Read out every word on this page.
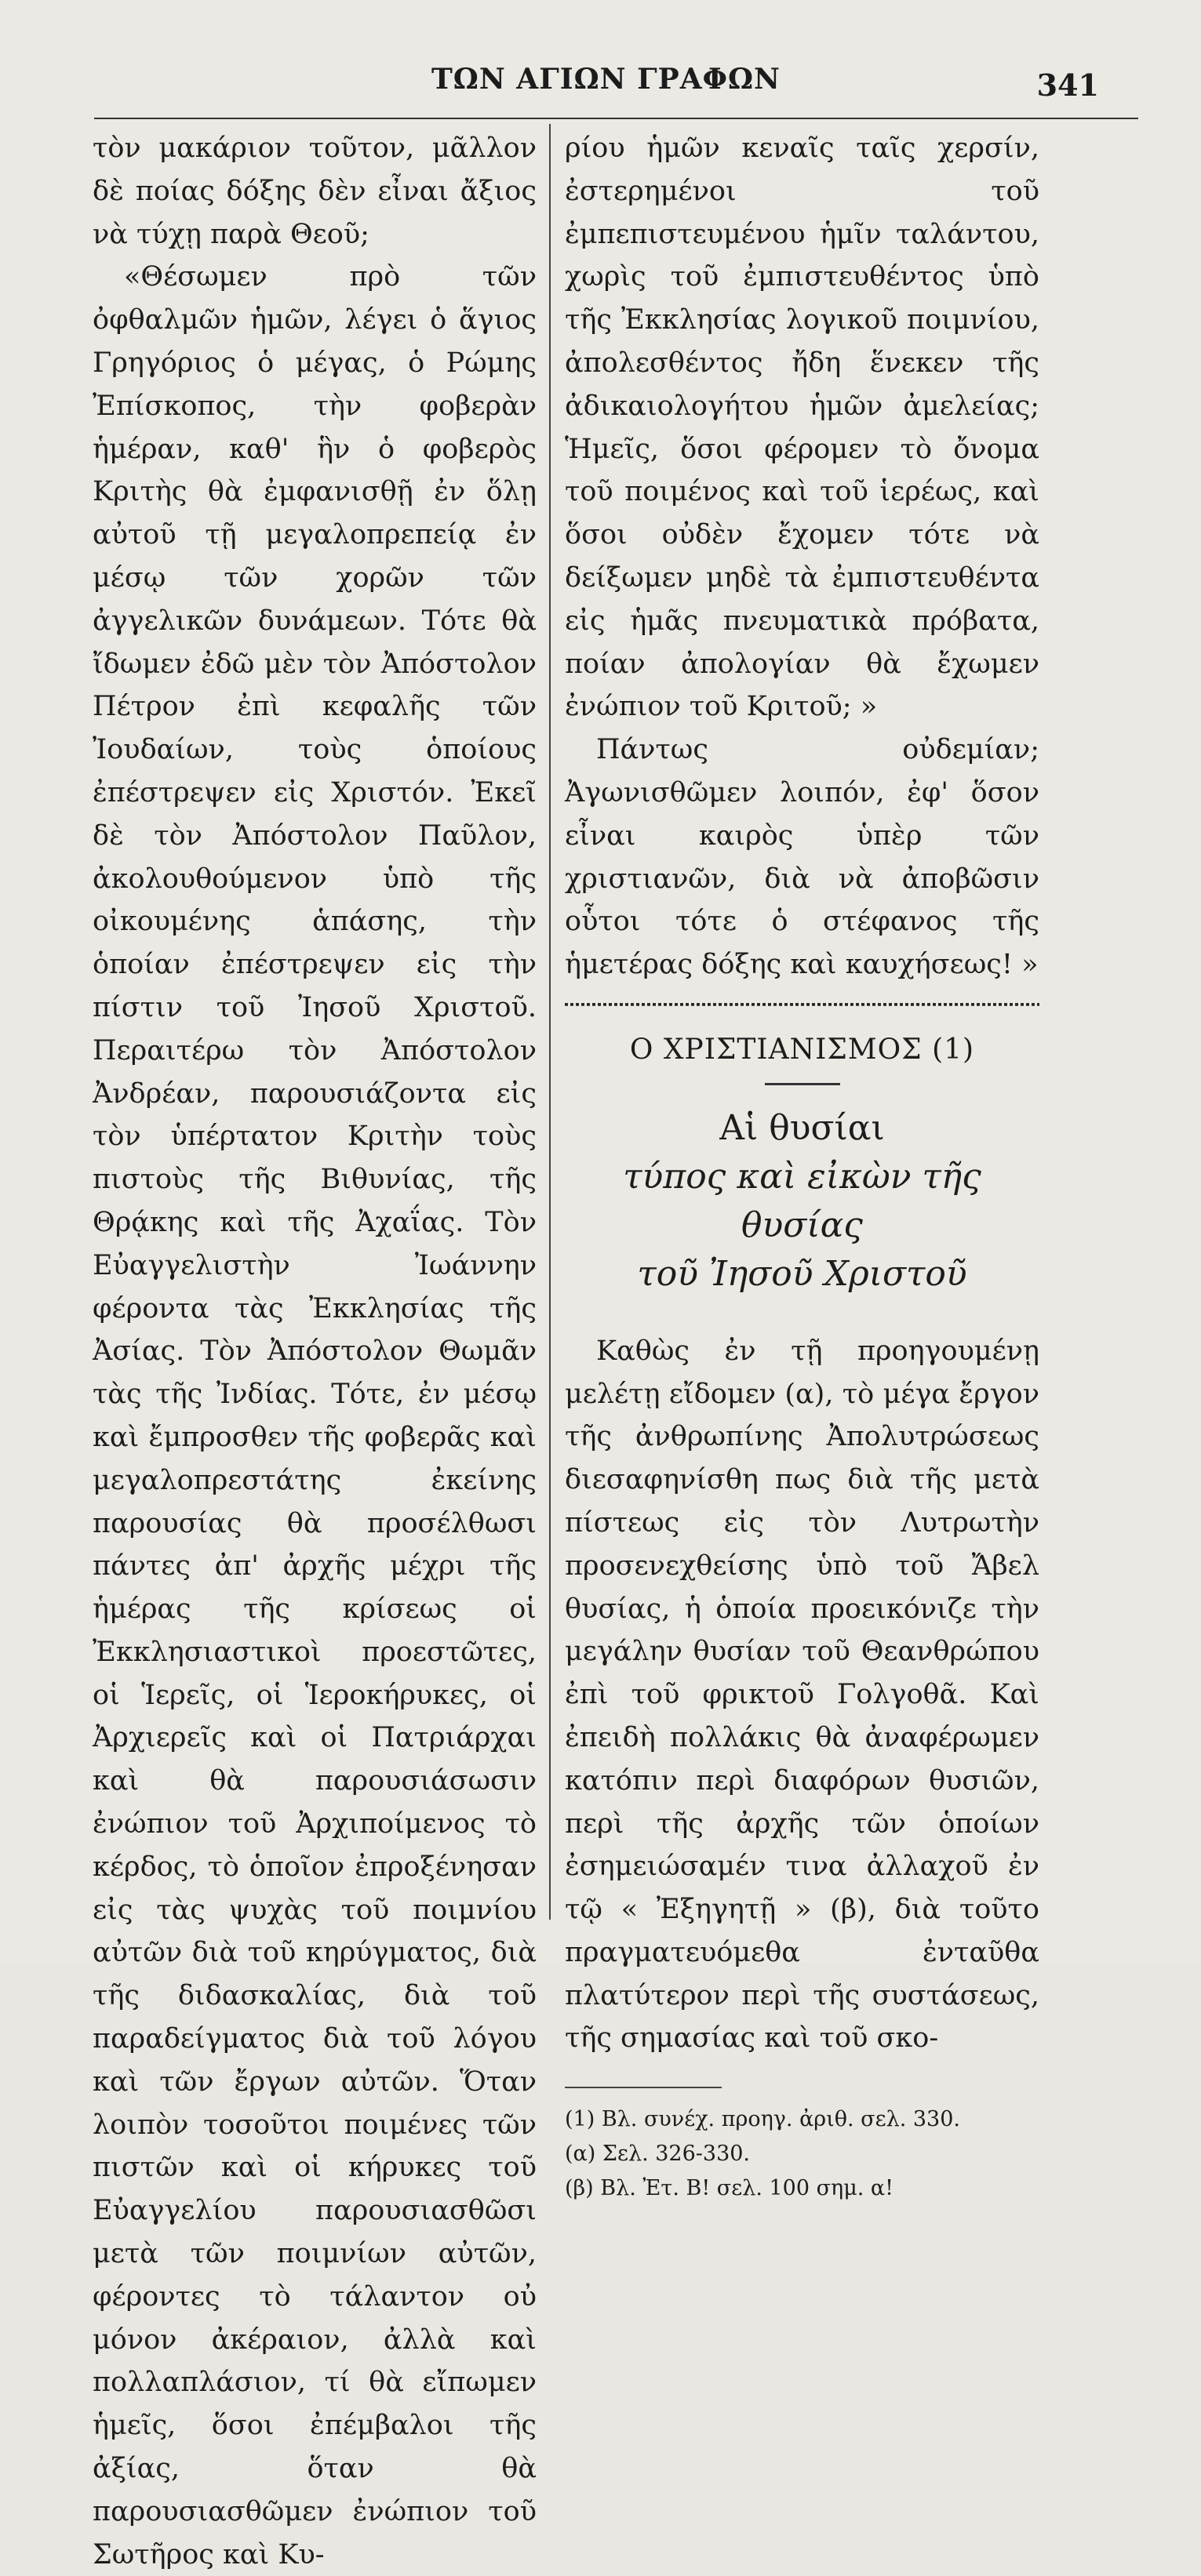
ΤΩΝ ΑΓΙΩΝ ΓΡΑΦΩΝ	341

τὸν μακάριον τοῦτον, μᾶλλον δὲ ποίας δόξης δὲν εἶναι ἄξιος νὰ τύχῃ παρὰ Θεοῦ;

«Θέσωμεν πρὸ τῶν ὀφθαλμῶν ἡμῶν, λέγει ὁ ἅγιος Γρηγόριος ὁ μέγας, ὁ Ρώμης Ἐπίσκοπος, τὴν φοβερὰν ἡμέραν, καθ' ἣν ὁ φοβερὸς Κριτὴς θὰ ἐμφανισθῇ ἐν ὅλῃ αὐτοῦ τῇ μεγαλοπρεπείᾳ ἐν μέσῳ τῶν χορῶν τῶν ἀγγελικῶν δυνάμεων. Τότε θὰ ἴδωμεν ἐδῶ μὲν τὸν Ἀπόστολον Πέτρον ἐπὶ κεφαλῆς τῶν Ἰουδαίων, τοὺς ὁποίους ἐπέστρεψεν εἰς Χριστόν. Ἐκεῖ δὲ τὸν Ἀπόστολον Παῦλον, ἀκολουθούμενον ὑπὸ τῆς οἰκουμένης ἁπάσης, τὴν ὁποίαν ἐπέστρεψεν εἰς τὴν πίστιν τοῦ Ἰησοῦ Χριστοῦ. Περαιτέρω τὸν Ἀπόστολον Ἀνδρέαν, παρουσιάζοντα εἰς τὸν ὑπέρτατον Κριτὴν τοὺς πιστοὺς τῆς Βιθυνίας, τῆς Θρᾴκης καὶ τῆς Ἀχαΐας. Τὸν Εὐαγγελιστὴν Ἰωάννην φέροντα τὰς Ἐκκλησίας τῆς Ἀσίας. Τὸν Ἀπόστολον Θωμᾶν τὰς τῆς Ἰνδίας. Τότε, ἐν μέσῳ καὶ ἔμπροσθεν τῆς φοβερᾶς καὶ μεγαλοπρεστάτης ἐκείνης παρουσίας θὰ προσέλθωσι πάντες ἀπ' ἀρχῆς μέχρι τῆς ἡμέρας τῆς κρίσεως οἱ Ἐκκλησιαστικοὶ προεστῶτες, οἱ Ἱερεῖς, οἱ Ἱεροκήρυκες, οἱ Ἀρχιερεῖς καὶ οἱ Πατριάρχαι καὶ θὰ παρουσιάσωσιν ἐνώπιον τοῦ Ἀρχιποίμενος τὸ κέρδος, τὸ ὁποῖον ἐπροξένησαν εἰς τὰς ψυχὰς τοῦ ποιμνίου αὐτῶν διὰ τοῦ κηρύγματος, διὰ τῆς διδασκαλίας, διὰ τοῦ παραδείγματος διὰ τοῦ λόγου καὶ τῶν ἔργων αὐτῶν. Ὅταν λοιπὸν τοσοῦτοι ποιμένες τῶν πιστῶν καὶ οἱ κήρυκες τοῦ Εὐαγγελίου παρουσιασθῶσι μετὰ τῶν ποιμνίων αὐτῶν, φέροντες τὸ τάλαντον οὐ μόνον ἀκέραιον, ἀλλὰ καὶ πολλαπλάσιον, τί θὰ εἴπωμεν ἡμεῖς, ὅσοι ἐπέμβαλοι τῆς ἀξίας, ὅταν θὰ παρουσιασθῶμεν ἐνώπιον τοῦ Σωτῆρος καὶ Κυ-

ρίου ἡμῶν κεναῖς ταῖς χερσίν, ἐστερημένοι τοῦ ἐμπεπιστευμένου ἡμῖν ταλάντου, χωρὶς τοῦ ἐμπιστευθέντος ὑπὸ τῆς Ἐκκλησίας λογικοῦ ποιμνίου, ἀπολεσθέντος ἤδη ἕνεκεν τῆς ἀδικαιολογήτου ἡμῶν ἀμελείας; Ἡμεῖς, ὅσοι φέρομεν τὸ ὄνομα τοῦ ποιμένος καὶ τοῦ ἱερέως, καὶ ὅσοι οὐδὲν ἔχομεν τότε νὰ δείξωμεν μηδὲ τὰ ἐμπιστευθέντα εἰς ἡμᾶς πνευματικὰ πρόβατα, ποίαν ἀπολογίαν θὰ ἔχωμεν ἐνώπιον τοῦ Κριτοῦ; »

Πάντως οὐδεμίαν; Ἀγωνισθῶμεν λοιπόν, ἐφ' ὅσον εἶναι καιρὸς ὑπὲρ τῶν χριστιανῶν, διὰ νὰ ἀποβῶσιν οὗτοι τότε ὁ στέφανος τῆς ἡμετέρας δόξης καὶ καυχήσεως! »

Ο ΧΡΙΣΤΙΑΝΙΣΜΟΣ (1)
Αἱ θυσίαι
τύπος καὶ εἰκὼν τῆς θυσίας
τοῦ Ἰησοῦ Χριστοῦ

Καθὼς ἐν τῇ προηγουμένῃ μελέτῃ εἴδομεν (α), τὸ μέγα ἔργον τῆς ἀνθρωπίνης Ἀπολυτρώσεως διεσαφηνίσθη πως διὰ τῆς μετὰ πίστεως εἰς τὸν Λυτρωτὴν προσενεχθείσης ὑπὸ τοῦ Ἄβελ θυσίας, ἡ ὁποία προεικόνιζε τὴν μεγάλην θυσίαν τοῦ Θεανθρώπου ἐπὶ τοῦ φρικτοῦ Γολγοθᾶ. Καὶ ἐπειδὴ πολλάκις θὰ ἀναφέρωμεν κατόπιν περὶ διαφόρων θυσιῶν, περὶ τῆς ἀρχῆς τῶν ὁποίων ἐσημειώσαμέν τινα ἀλλαχοῦ ἐν τῷ « Ἐξηγητῇ » (β), διὰ τοῦτο πραγματευόμεθα ἐνταῦθα πλατύτερον περὶ τῆς συστάσεως, τῆς σημασίας καὶ τοῦ σκο-

(1) Βλ. συνέχ. προηγ. ἀριθ. σελ. 330.
(α) Σελ. 326-330.
(β) Βλ. Ἐτ. Β! σελ. 100 σημ. α!
